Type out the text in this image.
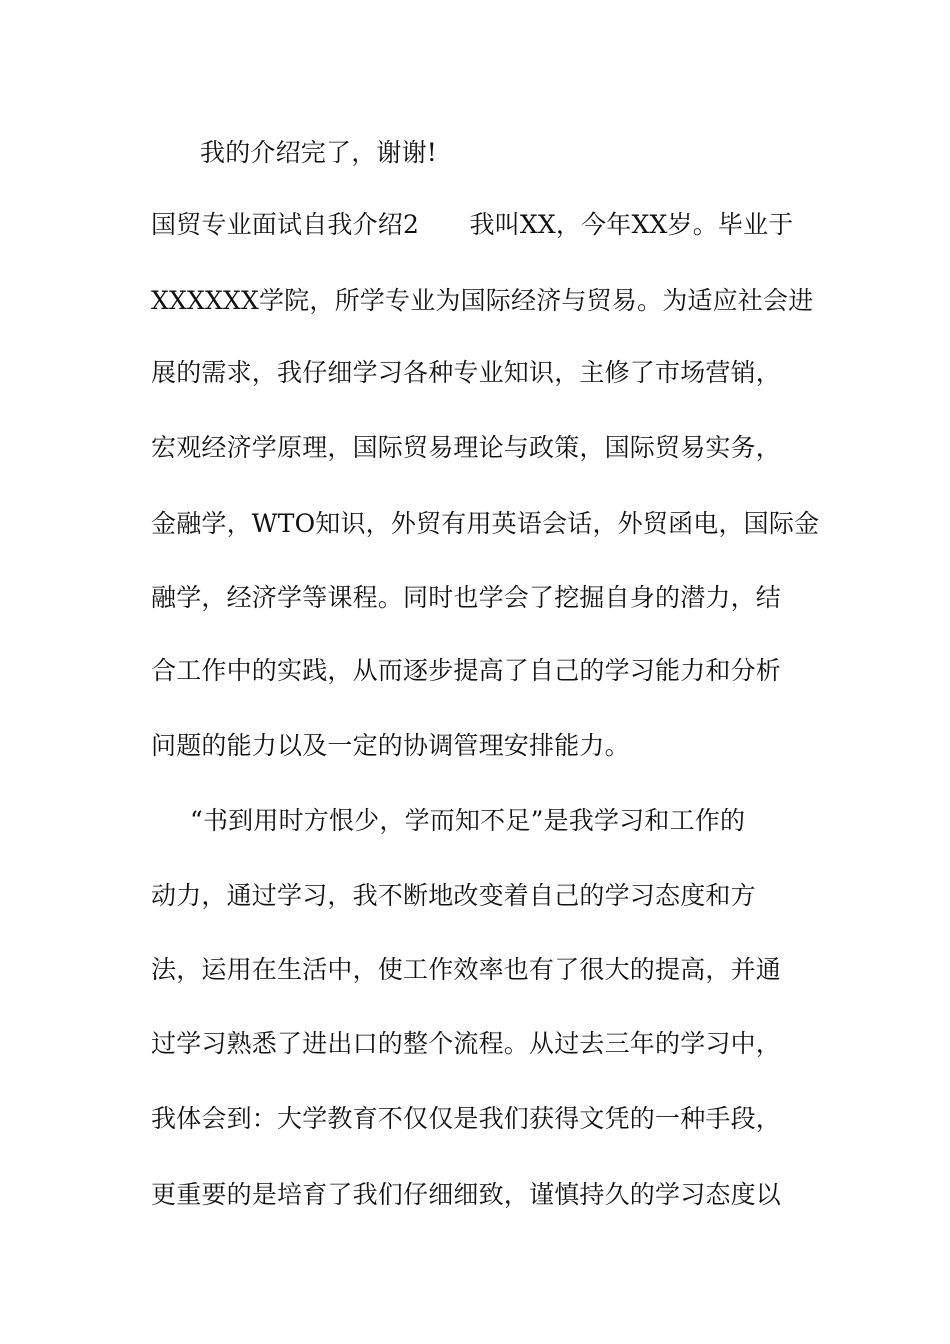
我的介绍完了，谢谢!
国贸专业面试自我介绍2　　我叫XX，今年XX岁。毕业于
XXXXXX学院，所学专业为国际经济与贸易。为适应社会进
展的需求，我仔细学习各种专业知识，主修了市场营销，
宏观经济学原理，国际贸易理论与政策，国际贸易实务，
金融学，WTO知识，外贸有用英语会话，外贸函电，国际金
融学，经济学等课程。同时也学会了挖掘自身的潜力，结
合工作中的实践，从而逐步提高了自己的学习能力和分析
问题的能力以及一定的协调管理安排能力。
“书到用时方恨少，学而知不足”是我学习和工作的
动力，通过学习，我不断地改变着自己的学习态度和方
法，运用在生活中，使工作效率也有了很大的提高，并通
过学习熟悉了进出口的整个流程。从过去三年的学习中，
我体会到：大学教育不仅仅是我们获得文凭的一种手段，
更重要的是培育了我们仔细细致，谨慎持久的学习态度以
